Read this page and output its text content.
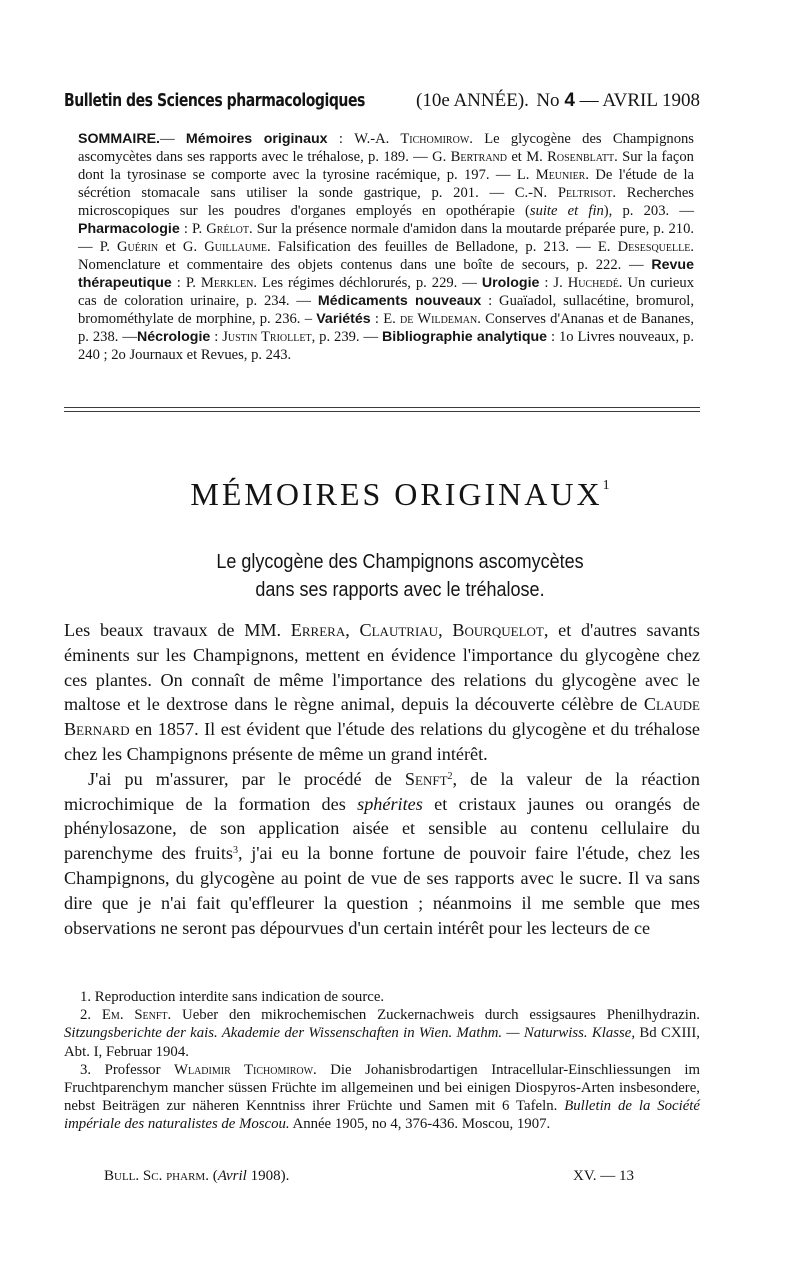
Bulletin des Sciences pharmacologiques	(10e ANNÉE). No 4 — AVRIL 1908

SOMMAIRE.— Mémoires originaux : W.-A. Tichomirow. Le glycogène des Champignons ascomycètes dans ses rapports avec le tréhalose, p. 189. — G. Bertrand et M. Rosenblatt. Sur la façon dont la tyrosinase se comporte avec la tyrosine racémique, p. 197. — L. Meunier. De l'étude de la sécrétion stomacale sans utiliser la sonde gastrique, p. 201. — C.-N. Peltrisot. Recherches microscopiques sur les poudres d'organes employés en opothérapie (suite et fin), p. 203. — Pharmacologie : P. Grélot. Sur la présence normale d'amidon dans la moutarde préparée pure, p. 210. — P. Guérin et G. Guillaume. Falsification des feuilles de Belladone, p. 213. — E. Desesquelle. Nomenclature et commentaire des objets contenus dans une boîte de secours, p. 222. — Revue thérapeutique : P. Merklen. Les régimes déchlorurés, p. 229. — Urologie : J. Huchedé. Un curieux cas de coloration urinaire, p. 234. — Médicaments nouveaux : Guaïadol, sullacétine, bromurol, bromométhylate de morphine, p. 236. – Variétés : E. de Wildeman. Conserves d'Ananas et de Bananes, p. 238. —Nécrologie : Justin Triollet, p. 239. — Bibliographie analytique : 1o Livres nouveaux, p. 240 ; 2o Journaux et Revues, p. 243.

MÉMOIRES ORIGINAUX$^1$
Le glycogène des Champignons ascomycètes
dans ses rapports avec le tréhalose.

Les beaux travaux de MM. Errera, Clautriau, Bourquelot, et d'autres savants éminents sur les Champignons, mettent en évidence l'importance du glycogène chez ces plantes. On connaît de même l'importance des relations du glycogène avec le maltose et le dextrose dans le règne animal, depuis la découverte célèbre de Claude Bernard en 1857. Il est évident que l'étude des relations du glycogène et du tréhalose chez les Champignons présente de même un grand intérêt.

J'ai pu m'assurer, par le procédé de Senft$^2$, de la valeur de la réaction microchimique de la formation des sphérites et cristaux jaunes ou orangés de phénylosazone, de son application aisée et sensible au contenu cellulaire du parenchyme des fruits$^3$, j'ai eu la bonne fortune de pouvoir faire l'étude, chez les Champignons, du glycogène au point de vue de ses rapports avec le sucre. Il va sans dire que je n'ai fait qu'effleurer la question ; néanmoins il me semble que mes observations ne seront pas dépourvues d'un certain intérêt pour les lecteurs de ce

1. Reproduction interdite sans indication de source.

2. Em. Senft. Ueber den mikrochemischen Zuckernachweis durch essigsaures Phenilhydrazin. Sitzungsberichte der kais. Akademie der Wissenschaften in Wien. Mathm. — Naturwiss. Klasse, Bd CXIII, Abt. I, Februar 1904.

3. Professor Wladimir Tichomirow. Die Johanisbrodartigen Intracellular-Einschliessungen im Fruchtparenchym mancher süssen Früchte im allgemeinen und bei einigen Diospyros-Arten insbesondere, nebst Beiträgen zur näheren Kenntniss ihrer Früchte und Samen mit 6 Tafeln. Bulletin de la Société impériale des naturalistes de Moscou. Année 1905, no 4, 376-436. Moscou, 1907.

Bull. Sc. pharm. (Avril 1908).	XV. — 13
